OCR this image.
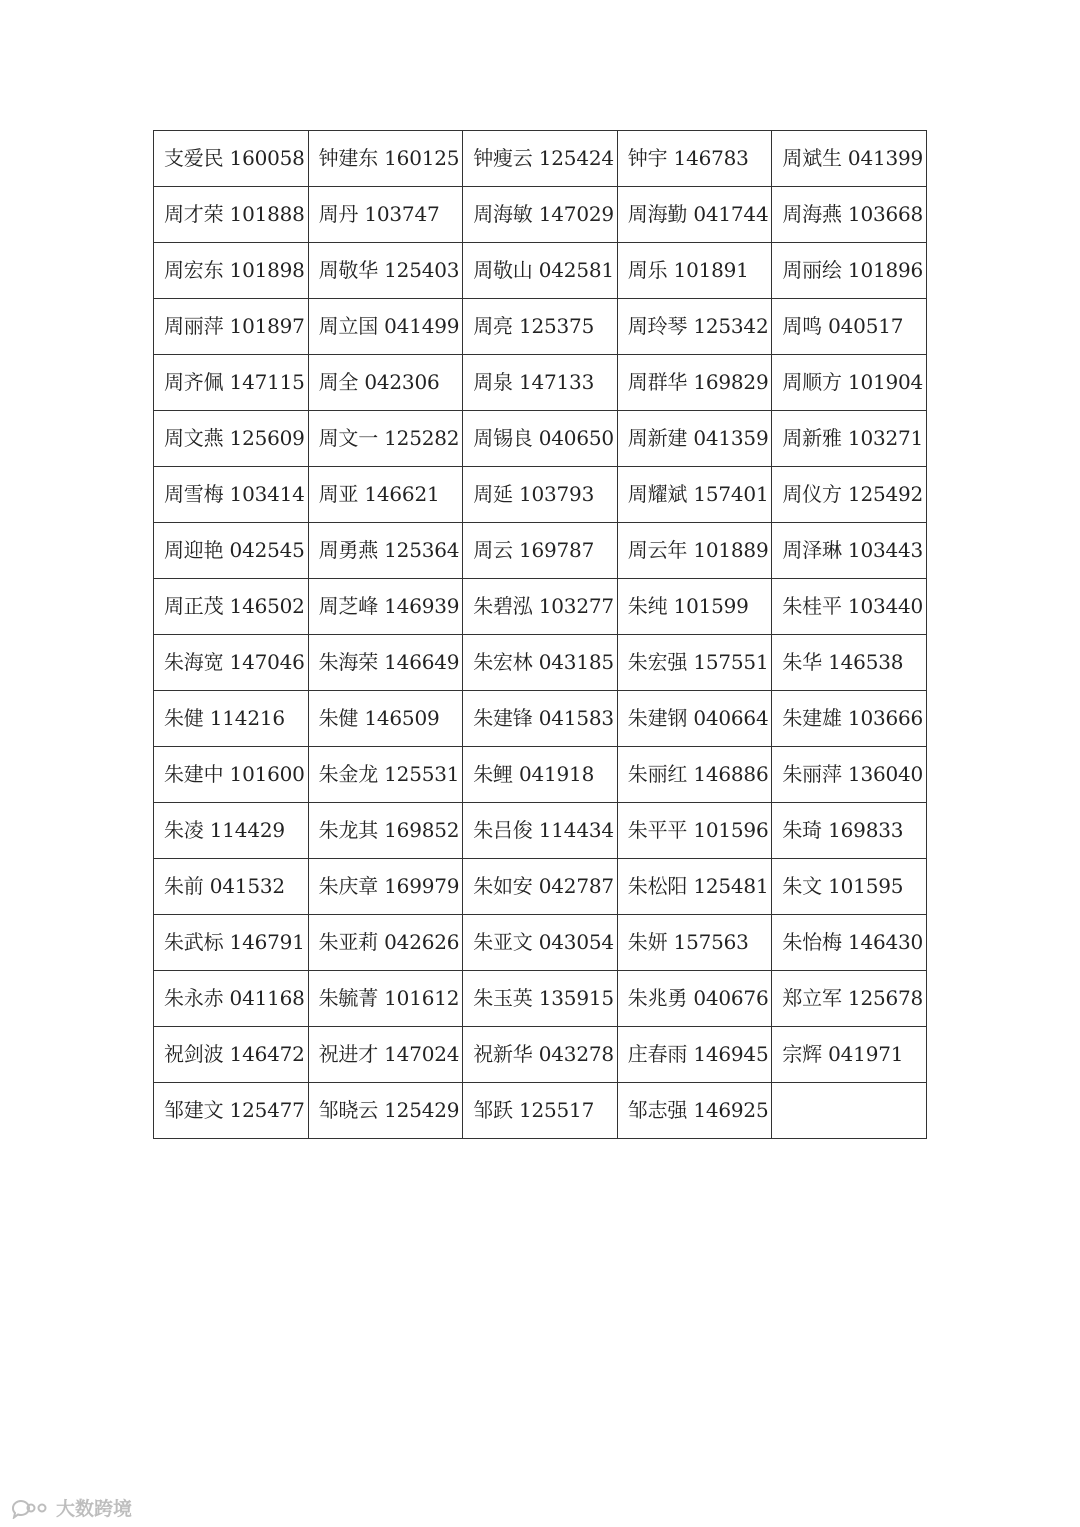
支爱民 160058	钟建东 160125	钟瘦云 125424	钟宇 146783	周斌生 041399
周才荣 101888	周丹 103747	周海敏 147029	周海勤 041744	周海燕 103668
周宏东 101898	周敬华 125403	周敬山 042581	周乐 101891	周丽绘 101896
周丽萍 101897	周立国 041499	周亮 125375	周玲琴 125342	周鸣 040517
周齐佩 147115	周全 042306	周泉 147133	周群华 169829	周顺方 101904
周文燕 125609	周文一 125282	周锡良 040650	周新建 041359	周新雅 103271
周雪梅 103414	周亚 146621	周延 103793	周耀斌 157401	周仪方 125492
周迎艳 042545	周勇燕 125364	周云 169787	周云年 101889	周泽琳 103443
周正茂 146502	周芝峰 146939	朱碧泓 103277	朱纯 101599	朱桂平 103440
朱海宽 147046	朱海荣 146649	朱宏林 043185	朱宏强 157551	朱华 146538
朱健 114216	朱健 146509	朱建锋 041583	朱建钢 040664	朱建雄 103666
朱建中 101600	朱金龙 125531	朱鲤 041918	朱丽红 146886	朱丽萍 136040
朱凌 114429	朱龙其 169852	朱吕俊 114434	朱平平 101596	朱琦 169833
朱前 041532	朱庆章 169979	朱如安 042787	朱松阳 125481	朱文 101595
朱武标 146791	朱亚莉 042626	朱亚文 043054	朱妍 157563	朱怡梅 146430
朱永赤 041168	朱毓菁 101612	朱玉英 135915	朱兆勇 040676	郑立军 125678
祝剑波 146472	祝进才 147024	祝新华 043278	庄春雨 146945	宗辉 041971
邹建文 125477	邹晓云 125429	邹跃 125517	邹志强 146925	
大数跨境
